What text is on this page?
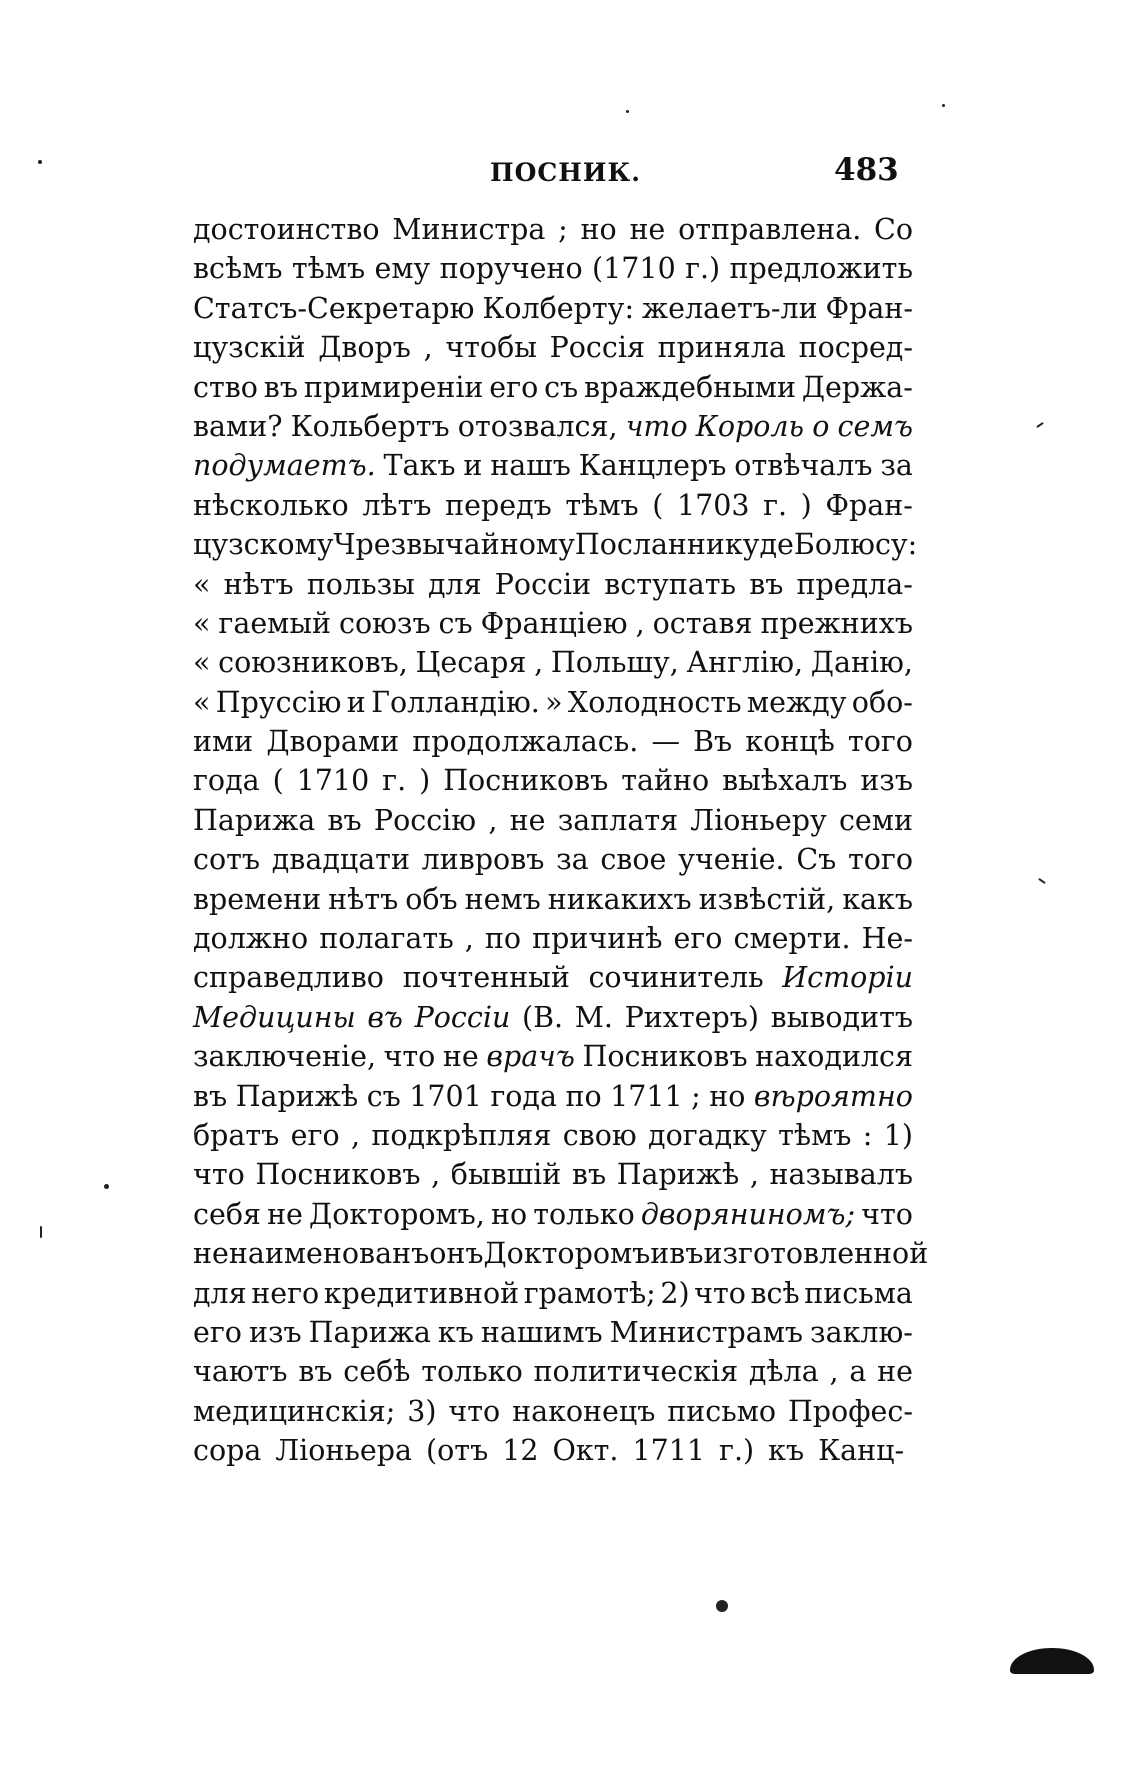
ПОСНИК.	483
достоинство Министра ; но не отправлена. Со
всѣмъ тѣмъ ему поручено (1710 г.) предложить
Статсъ-Секретарю Колберту: желаетъ-ли Фран-
цузскій Дворъ , чтобы Россія приняла посред-
ство въ примиреніи его съ враждебными Держа-
вами? Кольбертъ отозвался, что Король о семъ
подумаетъ. Такъ и нашъ Канцлеръ отвѣчалъ за
нѣсколько лѣтъ передъ тѣмъ ( 1703 г. ) Фран-
цузскому Чрезвычайному Посланнику де Болюсу:
« нѣтъ пользы для Россіи вступать въ предла-
« гаемый союзъ съ Франціею , оставя прежнихъ
« союзниковъ, Цесаря , Польшу, Англію, Данію,
« Пруссію и Голландію. » Холодность между обо-
ими Дворами продолжалась. — Въ концѣ того
года ( 1710 г. ) Посниковъ тайно выѣхалъ изъ
Парижа въ Россію , не заплатя Ліоньеру семи
сотъ двадцати ливровъ за свое ученіе. Съ того
времени нѣтъ объ немъ никакихъ извѣстій, какъ
должно полагать , по причинѣ его смерти. Не-
справедливо почтенный сочинитель Исторіи
Медицины въ Россіи (В. М. Рихтеръ) выводитъ
заключеніе, что не врачъ Посниковъ находился
въ Парижѣ съ 1701 года по 1711 ; но вѣроятно
братъ его , подкрѣпляя свою догадку тѣмъ : 1)
что Посниковъ , бывшій въ Парижѣ , называлъ
себя не Докторомъ, но только дворяниномъ; что
не наименованъ онъ Докторомъ и въ изготовленной
для него кредитивной грамотѣ; 2) что всѣ письма
его изъ Парижа къ нашимъ Министрамъ заклю-
чаютъ въ себѣ только политическія дѣла , а не
медицинскія; 3) что наконецъ письмо Профес-
сора Ліоньера (отъ 12 Окт. 1711 г.) къ Канц-
